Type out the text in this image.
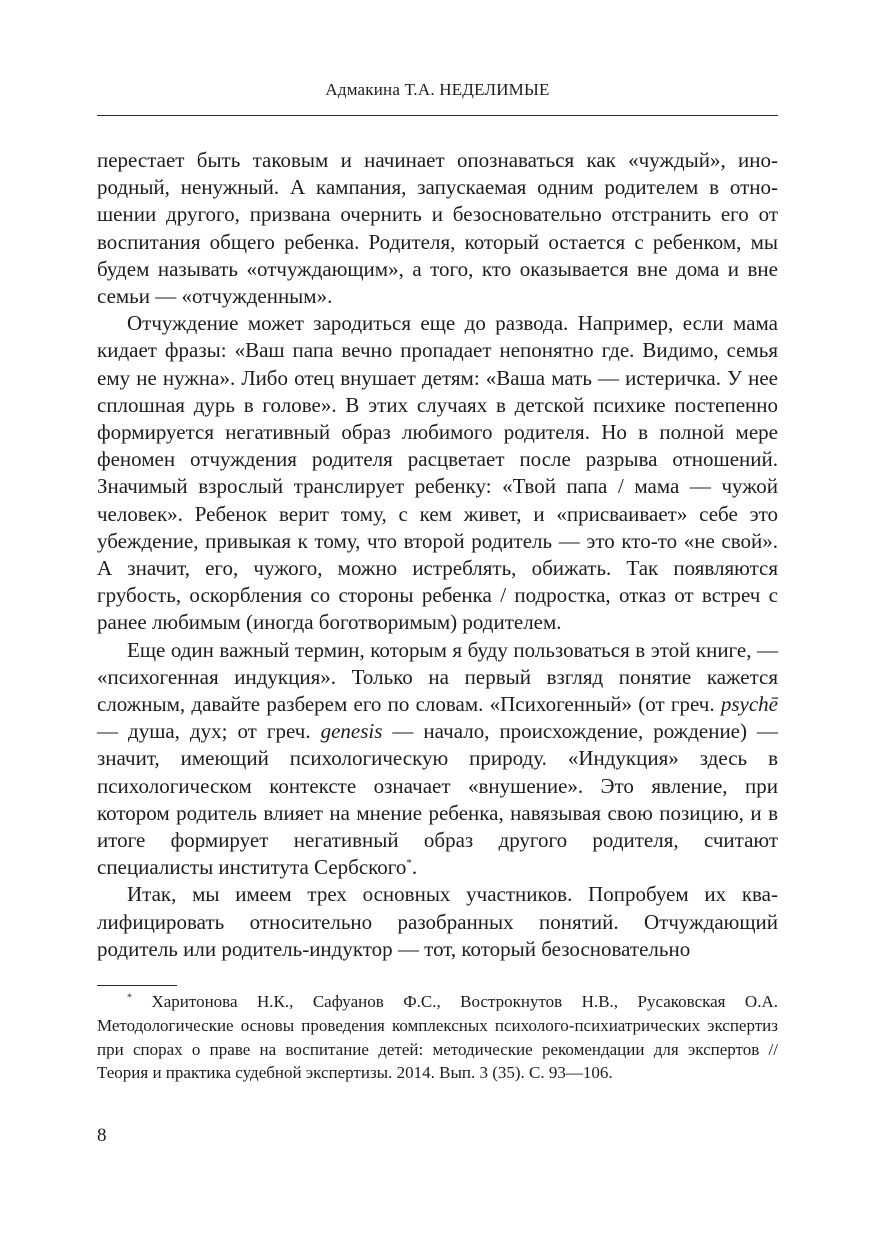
Адмакина Т.А. НЕДЕЛИМЫЕ

перестает быть таковым и начинает опознаваться как «чуждый», инородный, ненужный. А кампания, запускаемая одним родителем в отношении другого, призвана очернить и безосновательно отстранить его от воспитания общего ребенка. Родителя, который остается с ребенком, мы будем называть «отчуждающим», а того, кто оказывается вне дома и вне семьи — «отчужденным».

Отчуждение может зародиться еще до развода. Например, если мама кидает фразы: «Ваш папа вечно пропадает непонятно где. Видимо, семья ему не нужна». Либо отец внушает детям: «Ваша мать — истеричка. У нее сплошная дурь в голове». В этих случаях в детской психике постепенно формируется негативный образ любимого родителя. Но в полной мере феномен отчуждения родителя расцветает после разрыва отношений. Значимый взрослый транслирует ребенку: «Твой папа / мама — чужой человек». Ребенок верит тому, с кем живет, и «присваивает» себе это убеждение, привыкая к тому, что второй родитель — это кто-то «не свой». А значит, его, чужого, можно истреблять, обижать. Так появляются грубость, оскорбления со стороны ребенка / подростка, отказ от встреч с ранее любимым (иногда боготворимым) родителем.

Еще один важный термин, которым я буду пользоваться в этой книге, — «психогенная индукция». Только на первый взгляд понятие кажется сложным, давайте разберем его по словам. «Психогенный» (от греч. psychē — душа, дух; от греч. genesis — начало, происхождение, рождение) — значит, имеющий психологическую природу. «Индукция» здесь в психологическом контексте означает «внушение». Это явление, при котором родитель влияет на мнение ребенка, навязывая свою позицию, и в итоге формирует негативный образ другого родителя, считают специалисты института Сербского*.

Итак, мы имеем трех основных участников. Попробуем их квалифицировать относительно разобранных понятий. Отчуждающий родитель или родитель-индуктор — тот, который безосновательно

* Харитонова Н.К., Сафуанов Ф.С., Вострокнутов Н.В., Русаковская О.А. Методологические основы проведения комплексных психолого-психиатрических экспертиз при спорах о праве на воспитание детей: методические рекомендации для экспертов // Теория и практика судебной экспертизы. 2014. Вып. 3 (35). С. 93—106.

8
